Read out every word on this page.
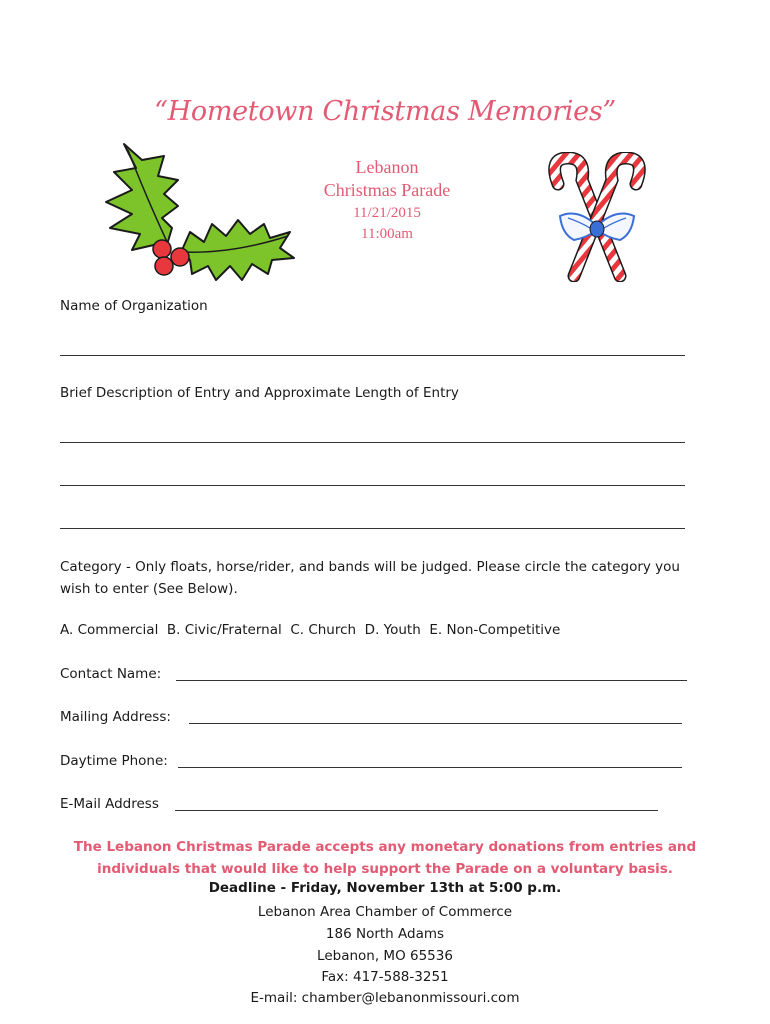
“Hometown Christmas Memories”
Lebanon
Christmas Parade
11/21/2015
11:00am
Name of Organization
Brief Description of Entry and Approximate Length of Entry
Category - Only floats, horse/rider, and bands will be judged. Please circle the category you wish to enter (See Below).
A. Commercial  B. Civic/Fraternal  C. Church  D. Youth  E. Non-Competitive
Contact Name:
Mailing Address:
Daytime Phone:
E-Mail Address
The Lebanon Christmas Parade accepts any monetary donations from entries and individuals that would like to help support the Parade on a voluntary basis.
Deadline - Friday, November 13th at 5:00 p.m.
Lebanon Area Chamber of Commerce
186 North Adams
Lebanon, MO 65536
Fax: 417-588-3251
E-mail: chamber@lebanonmissouri.com
